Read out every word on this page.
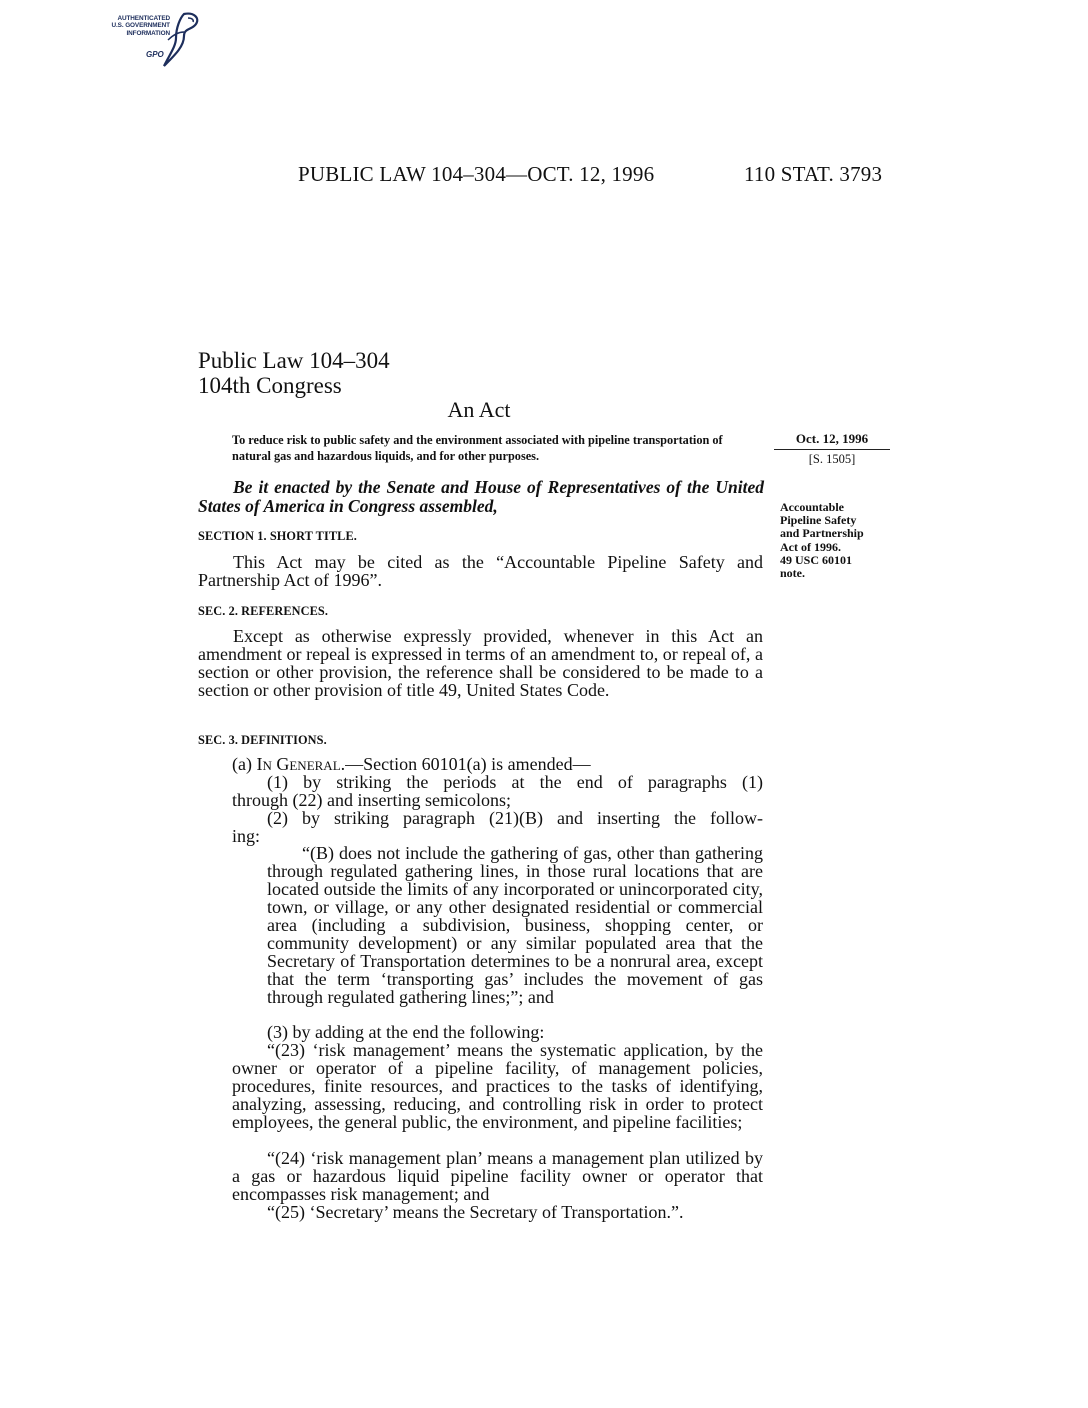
AUTHENTICATED
U.S. GOVERNMENT
INFORMATION
GPO
PUBLIC LAW 104–304—OCT. 12, 1996	110 STAT. 3793
Public Law 104–304
104th Congress
An Act
To reduce risk to public safety and the environment associated with pipeline transportation of natural gas and hazardous liquids, and for other purposes.
Oct. 12, 1996
[S. 1505]
Be it enacted by the Senate and House of Representatives of the United States of America in Congress assembled,	Accountable
Pipeline Safety
and Partnership
Act of 1996.
49 USC 60101
note.
SECTION 1. SHORT TITLE.
This Act may be cited as the “Accountable Pipeline Safety and Partnership Act of 1996”.
SEC. 2. REFERENCES.
Except as otherwise expressly provided, whenever in this Act an amendment or repeal is expressed in terms of an amendment to, or repeal of, a section or other provision, the reference shall be considered to be made to a section or other provision of title 49, United States Code.
SEC. 3. DEFINITIONS.
(a) In General.—Section 60101(a) is amended—
(1) by striking the periods at the end of paragraphs (1)
through (22) and inserting semicolons;
(2) by striking paragraph (21)(B) and inserting the follow-
ing:
“(B) does not include the gathering of gas, other than gathering through regulated gathering lines, in those rural locations that are located outside the limits of any incorporated or unincorporated city, town, or village, or any other designated residential or commercial area (including a subdivision, business, shopping center, or community development) or any similar populated area that the Secretary of Transportation determines to be a nonrural area, except that the term ‘transporting gas’ includes the movement of gas through regulated gathering lines;”; and
(3) by adding at the end the following:
“(23) ‘risk management’ means the systematic application, by the owner or operator of a pipeline facility, of management policies, procedures, finite resources, and practices to the tasks of identifying, analyzing, assessing, reducing, and controlling risk in order to protect employees, the general public, the environment, and pipeline facilities;
“(24) ‘risk management plan’ means a management plan utilized by a gas or hazardous liquid pipeline facility owner or operator that encompasses risk management; and
“(25) ‘Secretary’ means the Secretary of Transportation.”.
